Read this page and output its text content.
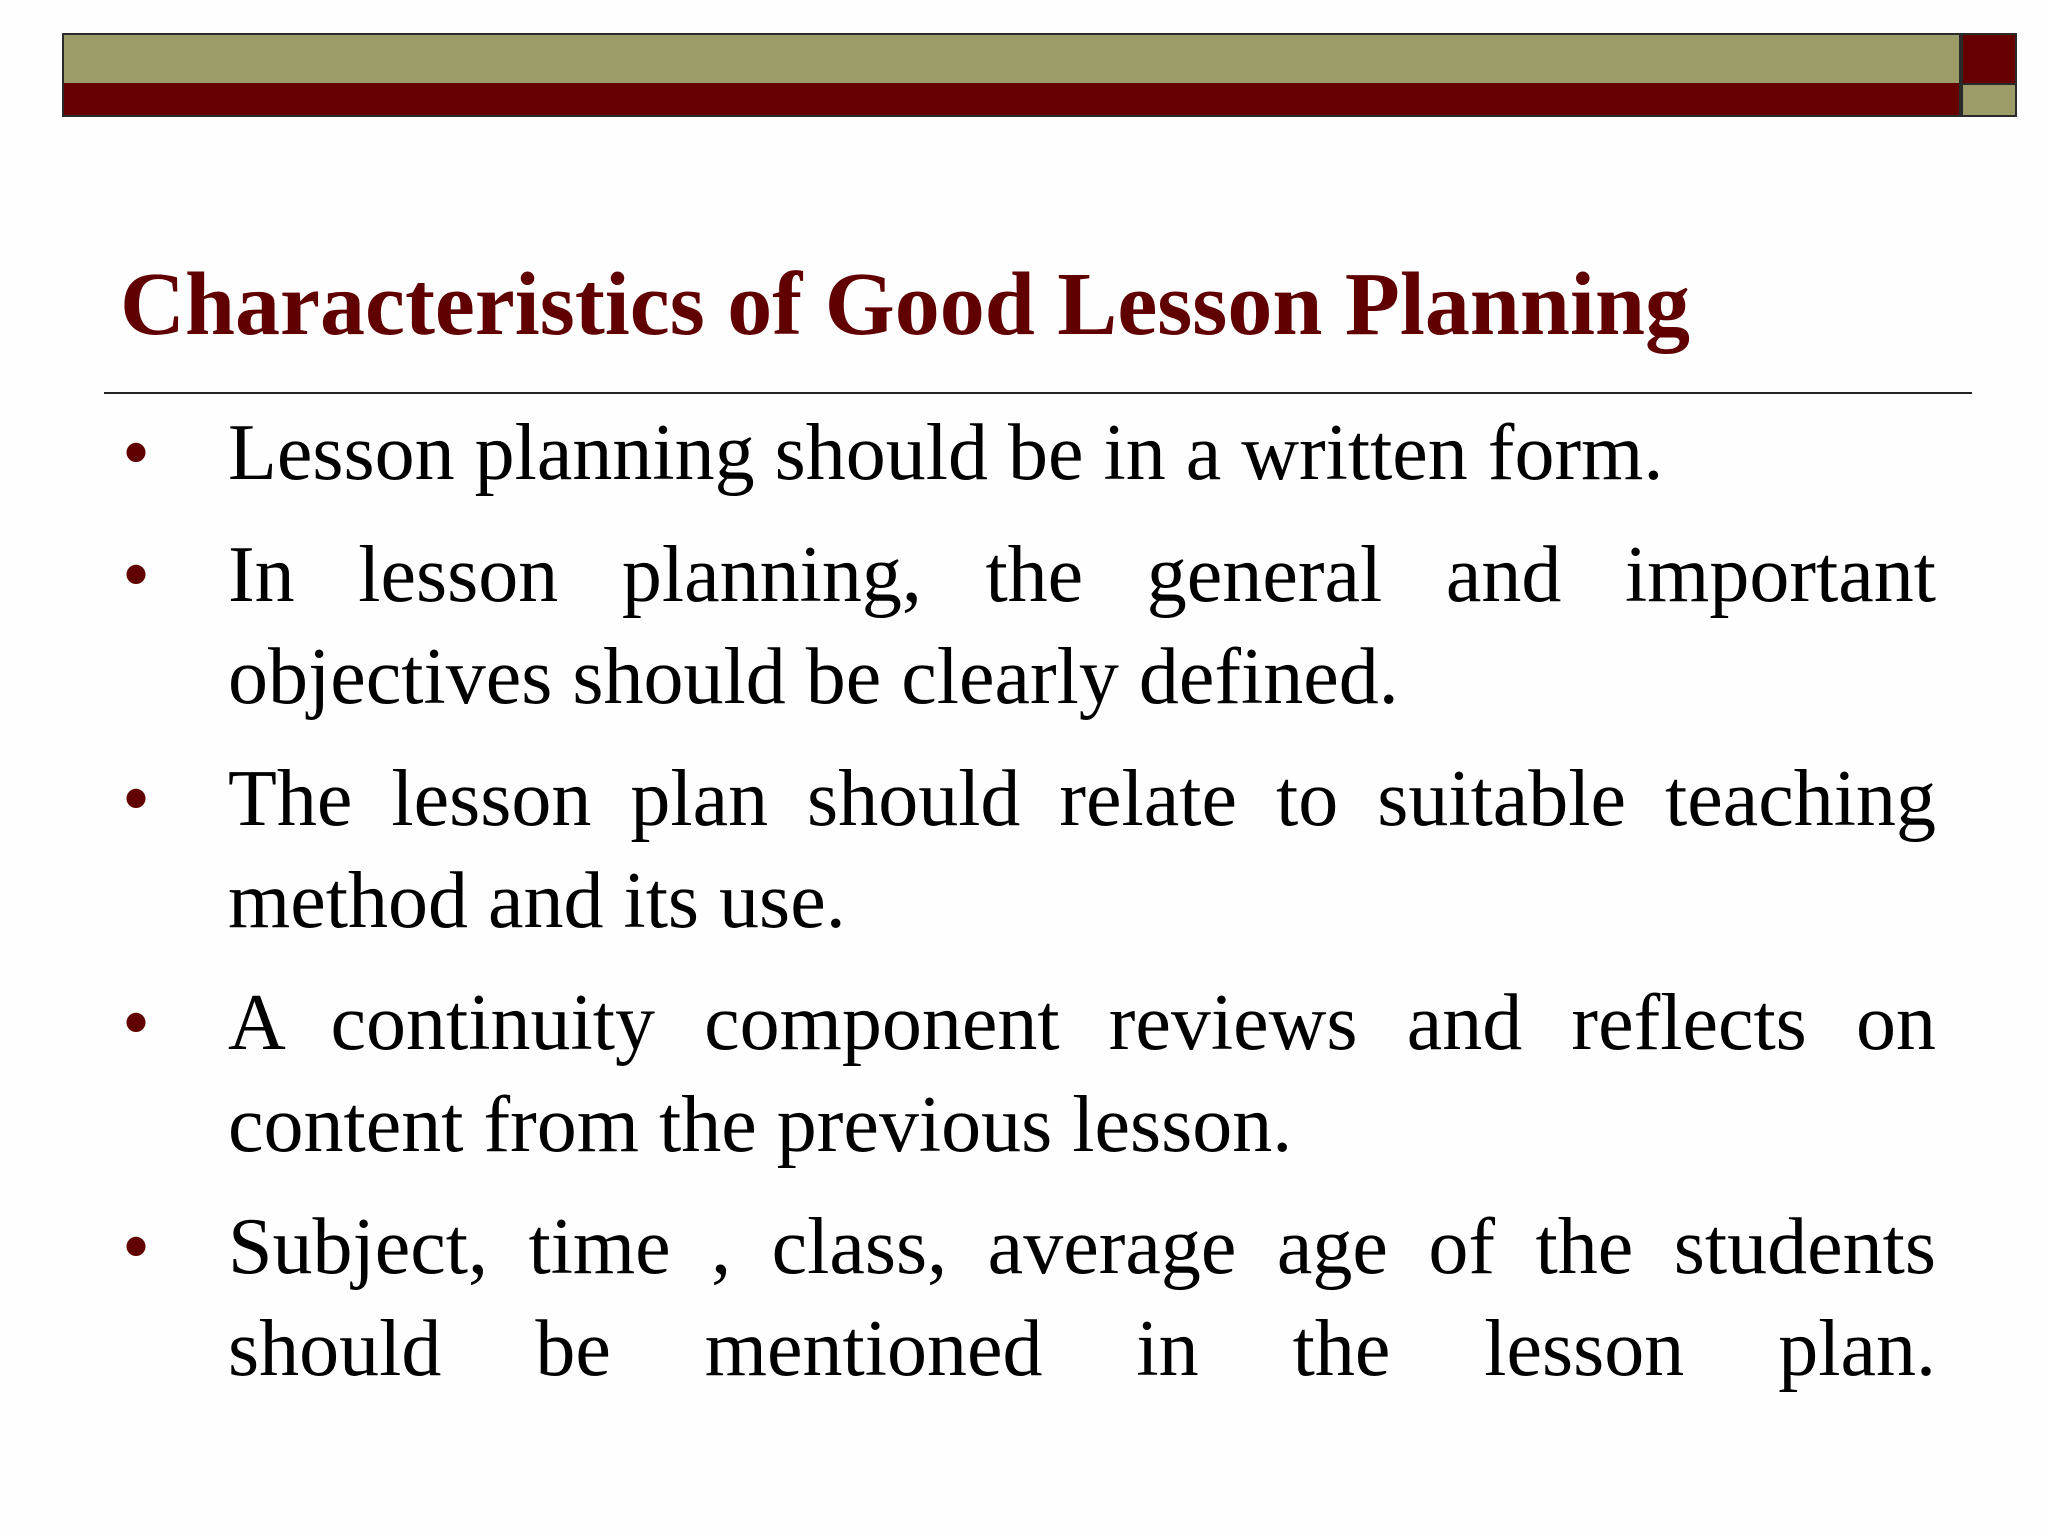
Characteristics of Good Lesson Planning
• Lesson planning should be in a written form.
• In lesson planning, the general and important objectives should be clearly defined.
• The lesson plan should relate to suitable teaching method and its use.
• A continuity component reviews and reflects on content from the previous lesson.
• Subject, time , class, average age of the students should be mentioned in the lesson plan.
